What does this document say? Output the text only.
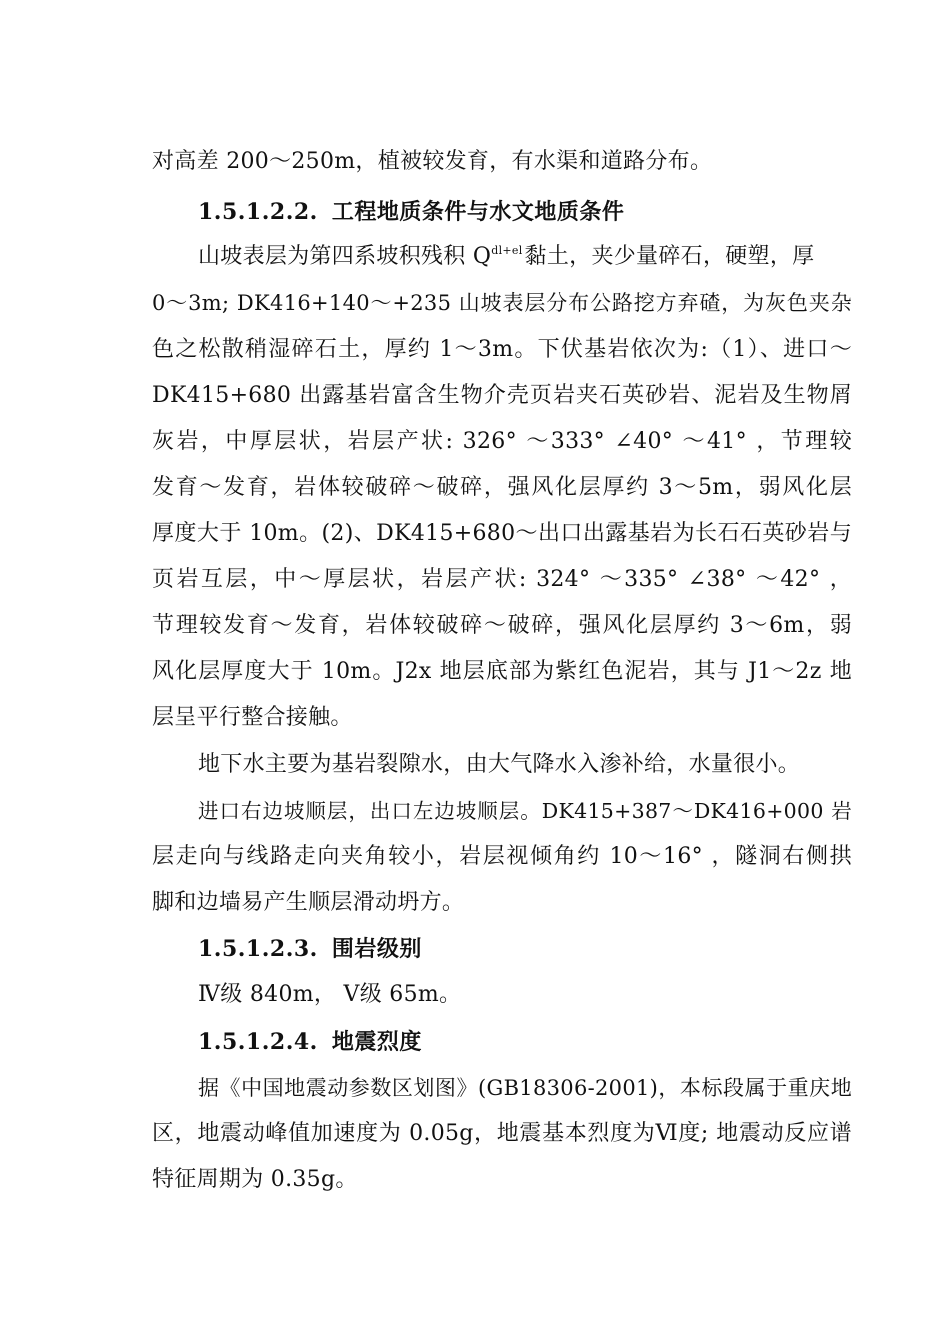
对高差 200～250m，植被较发育，有水渠和道路分布。
1.5.1.2.2. 工程地质条件与水文地质条件
山坡表层为第四系坡积残积 $Q^{dl+el}$黏土，夹少量碎石，硬塑，厚
0～3m; DK416+140～+235 山坡表层分布公路挖方弃碴，为灰色夹杂
色之松散稍湿碎石土，厚约 1～3m。下伏基岩依次为:（1）、进口～
DK415+680 出露基岩富含生物介壳页岩夹石英砂岩、泥岩及生物屑
灰岩，中厚层状，岩层产状: 326° ～333° ∠40° ～41° ，节理较
发育～发育，岩体较破碎～破碎，强风化层厚约 3～5m，弱风化层
厚度大于 10m。(2)、DK415+680～出口出露基岩为长石石英砂岩与
页岩互层，中～厚层状，岩层产状: 324° ～335° ∠38° ～42° ，
节理较发育～发育，岩体较破碎～破碎，强风化层厚约 3～6m，弱
风化层厚度大于 10m。J2x 地层底部为紫红色泥岩，其与 J1～2z 地
层呈平行整合接触。
地下水主要为基岩裂隙水，由大气降水入渗补给，水量很小。
进口右边坡顺层，出口左边坡顺层。DK415+387～DK416+000 岩
层走向与线路走向夹角较小，岩层视倾角约 10～16° ，隧洞右侧拱
脚和边墙易产生顺层滑动坍方。
1.5.1.2.3. 围岩级别
Ⅳ级 840m， Ⅴ级 65m。
1.5.1.2.4. 地震烈度
据《中国地震动参数区划图》(GB18306-2001)，本标段属于重庆地
区，地震动峰值加速度为 0.05g，地震基本烈度为Ⅵ度; 地震动反应谱
特征周期为 0.35g。
